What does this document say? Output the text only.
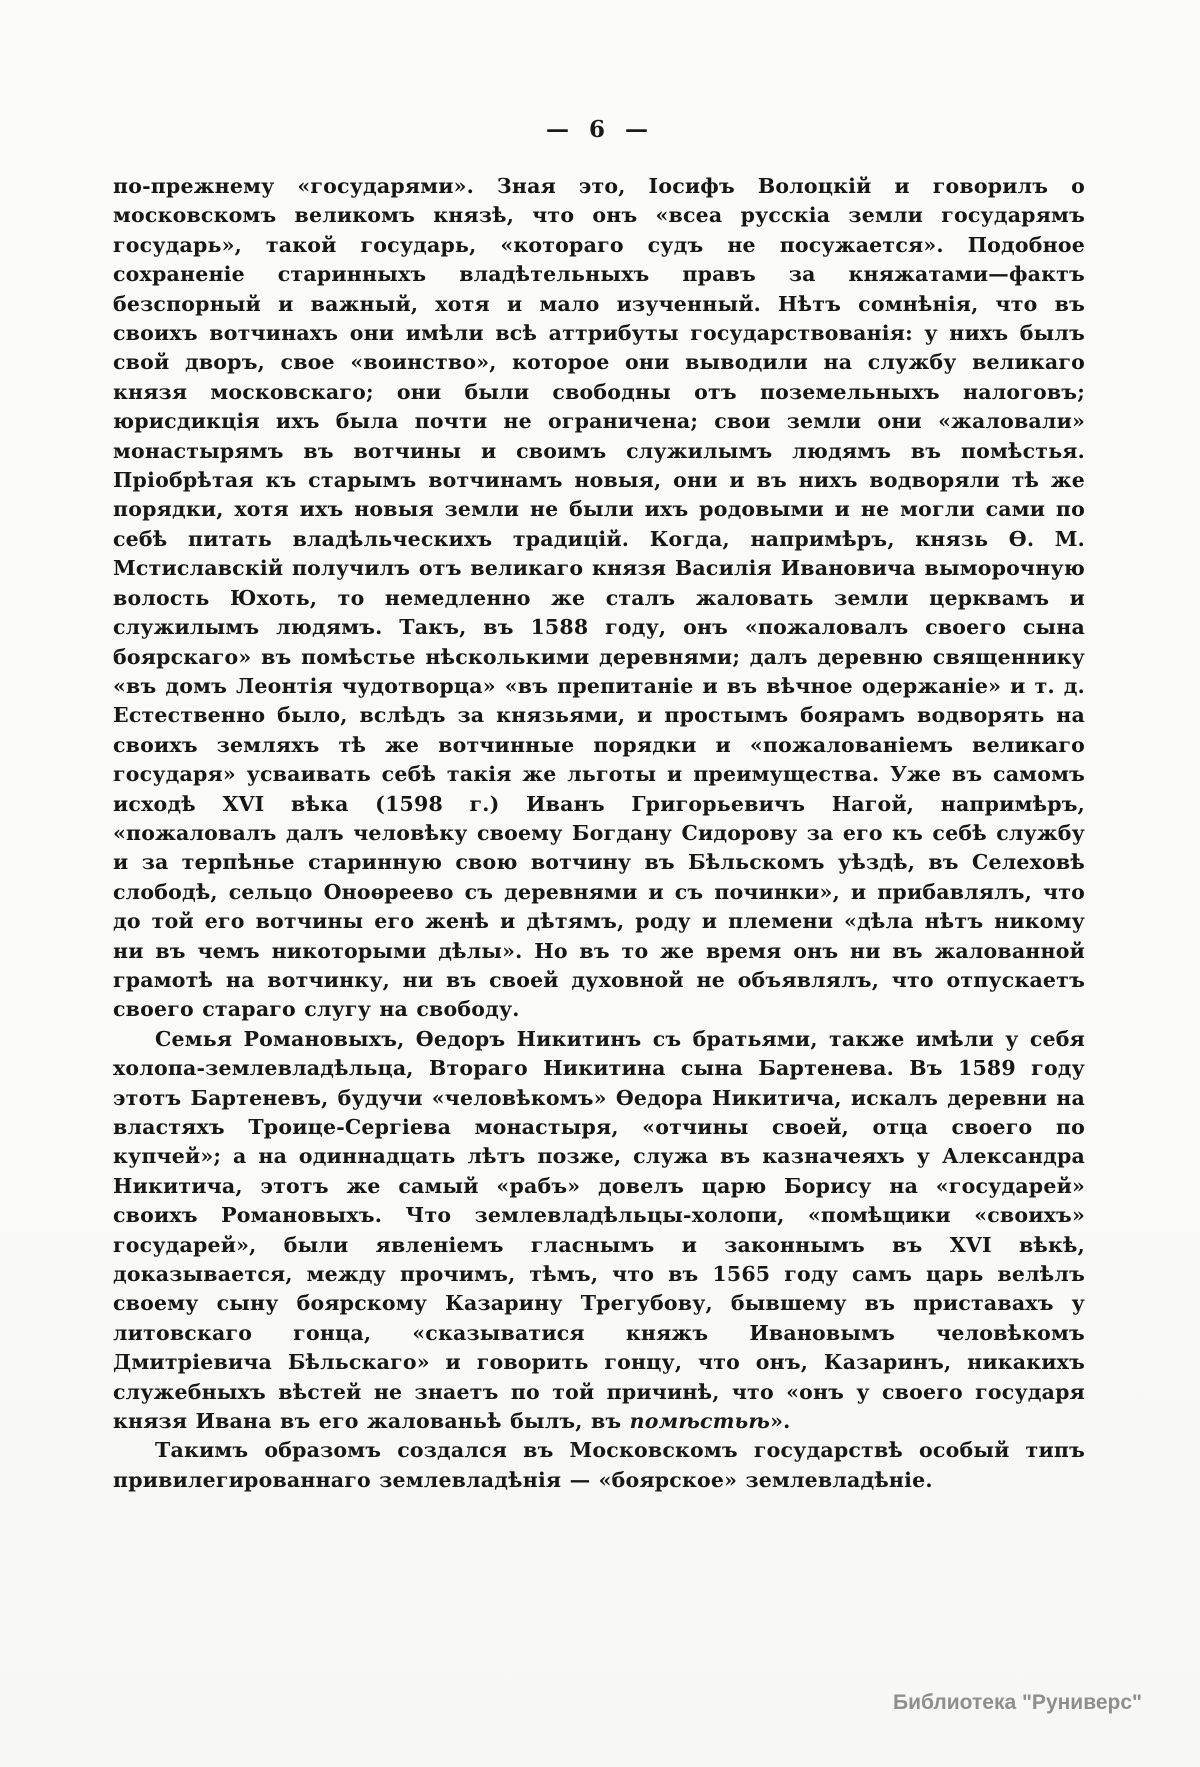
— 6 —

по-прежнему «государями». Зная это, Іосифъ Волоцкій и говорилъ о московскомъ великомъ князѣ, что онъ «всеа русскіа земли государямъ государь», такой государь, «котораго судъ не посужается». Подобное сохраненіе старинныхъ владѣтельныхъ правъ за княжатами—фактъ безспорный и важный, хотя и мало изученный. Нѣтъ сомнѣнія, что въ своихъ вотчинахъ они имѣли всѣ аттрибуты государствованія: у нихъ былъ свой дворъ, свое «воинство», которое они выводили на службу великаго князя московскаго; они были свободны отъ поземельныхъ налоговъ; юрисдикція ихъ была почти не ограничена; свои земли они «жаловали» монастырямъ въ вотчины и своимъ служилымъ людямъ въ помѣстья. Пріобрѣтая къ старымъ вотчинамъ новыя, они и въ нихъ водворяли тѣ же порядки, хотя ихъ новыя земли не были ихъ родовыми и не могли сами по себѣ питать владѣльческихъ традицій. Когда, напримѣръ, князь Ѳ. М. Мстиславскій получилъ отъ великаго князя Василія Ивановича выморочную волость Юхоть, то немедленно же сталъ жаловать земли церквамъ и служилымъ людямъ. Такъ, въ 1588 году, онъ «пожаловалъ своего сына боярскаго» въ помѣстье нѣсколькими деревнями; далъ деревню священнику «въ домъ Леонтія чудотворца» «въ препитаніе и въ вѣчное одержаніе» и т. д. Естественно было, вслѣдъ за князьями, и простымъ боярамъ водворять на своихъ земляхъ тѣ же вотчинные порядки и «пожалованіемъ великаго государя» усваивать себѣ такія же льготы и преимущества. Уже въ самомъ исходѣ XVI вѣка (1598 г.) Иванъ Григорьевичъ Нагой, напримѣръ, «пожаловалъ далъ человѣку своему Богдану Сидорову за его къ себѣ службу и за терпѣнье старинную свою вотчину въ Бѣльскомъ уѣздѣ, въ Селеховѣ слободѣ, сельцо Оноѳреево съ деревнями и съ починки», и прибавлялъ, что до той его вотчины его женѣ и дѣтямъ, роду и племени «дѣла нѣтъ никому ни въ чемъ никоторыми дѣлы». Но въ то же время онъ ни въ жалованной грамотѣ на вотчинку, ни въ своей духовной не объявлялъ, что отпускаетъ своего стараго слугу на свободу.

Семья Романовыхъ, Ѳедоръ Никитинъ съ братьями, также имѣли у себя холопа-землевладѣльца, Втораго Никитина сына Бартенева. Въ 1589 году этотъ Бартеневъ, будучи «человѣкомъ» Ѳедора Никитича, искалъ деревни на властяхъ Троице-Сергіева монастыря, «отчины своей, отца своего по купчей»; а на одиннадцать лѣтъ позже, служа въ казначеяхъ у Александра Никитича, этотъ же самый «рабъ» довелъ царю Борису на «государей» своихъ Романовыхъ. Что землевладѣльцы-холопи, «помѣщики «своихъ» государей», были явленіемъ гласнымъ и законнымъ въ XVI вѣкѣ, доказывается, между прочимъ, тѣмъ, что въ 1565 году самъ царь велѣлъ своему сыну боярскому Казарину Трегубову, бывшему въ приставахъ у литовскаго гонца, «сказыватися княжъ Ивановымъ человѣкомъ Дмитріевича Бѣльскаго» и говорить гонцу, что онъ, Казаринъ, никакихъ служебныхъ вѣстей не знаетъ по той причинѣ, что «онъ у своего государя князя Ивана въ его жалованьѣ былъ, въ помѣстьѣ».

Такимъ образомъ создался въ Московскомъ государствѣ особый типъ привилегированнаго землевладѣнія — «боярское» землевладѣніе.

Библиотека "Руниверс"
